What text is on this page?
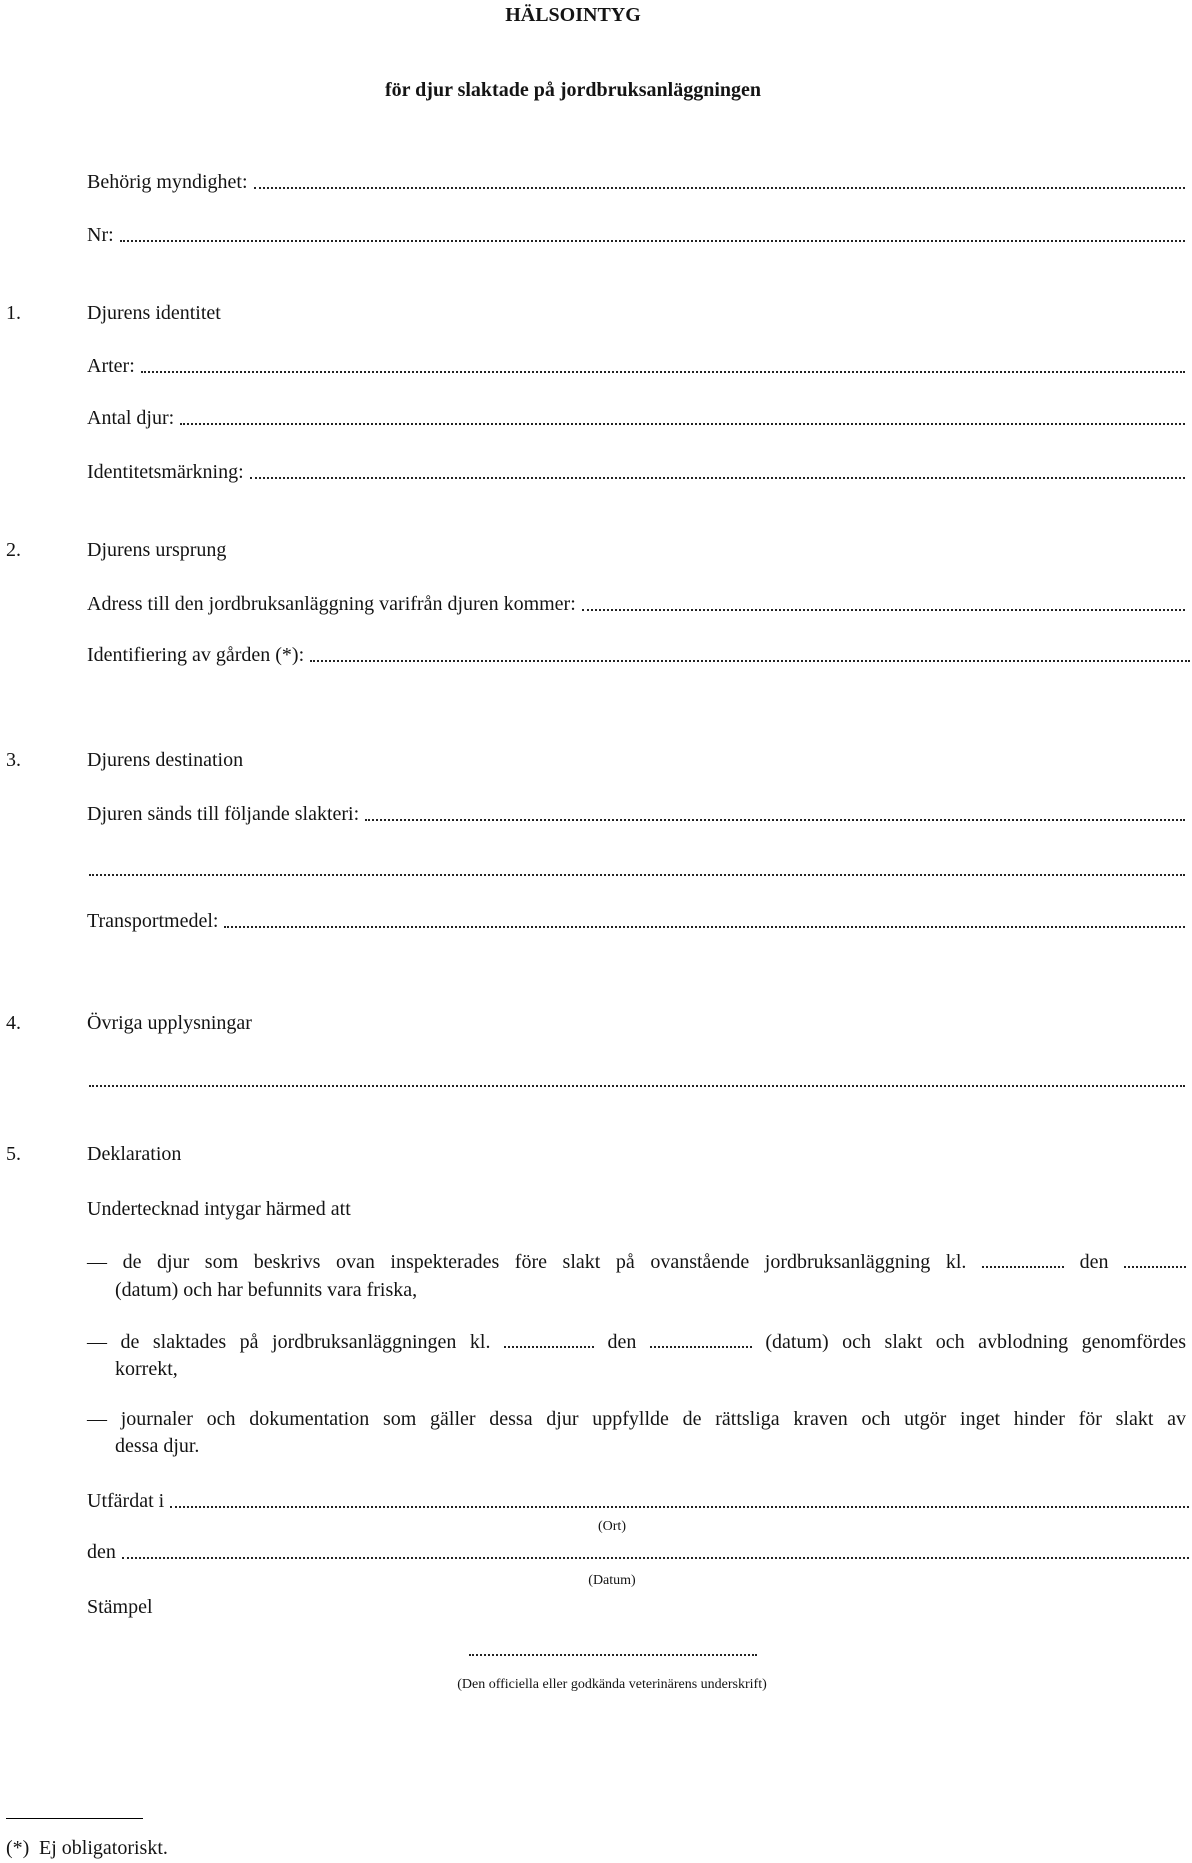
HÄLSOINTYG
för djur slaktade på jordbruksanläggningen
Behörig myndighet:
Nr:
1.	Djurens identitet
Arter:
Antal djur:
Identitetsmärkning:
2.	Djurens ursprung
Adress till den jordbruksanläggning varifrån djuren kommer:
Identifiering av gården (*):
3.	Djurens destination
Djuren sänds till följande slakteri:
Transportmedel:
4.	Övriga upplysningar
5.	Deklaration
Undertecknad intygar härmed att
— de djur som beskrivs ovan inspekterades före slakt på ovanstående jordbruksanläggning kl.	den
(datum) och har befunnits vara friska,
— de slaktades på jordbruksanläggningen kl.	den	(datum) och slakt och avblodning genomfördes
korrekt,
— journaler och dokumentation som gäller dessa djur uppfyllde de rättsliga kraven och utgör inget hinder för slakt av
dessa djur.
Utfärdat i
(Ort)
den
(Datum)
Stämpel
(Den officiella eller godkända veterinärens underskrift)
(*) Ej obligatoriskt.
